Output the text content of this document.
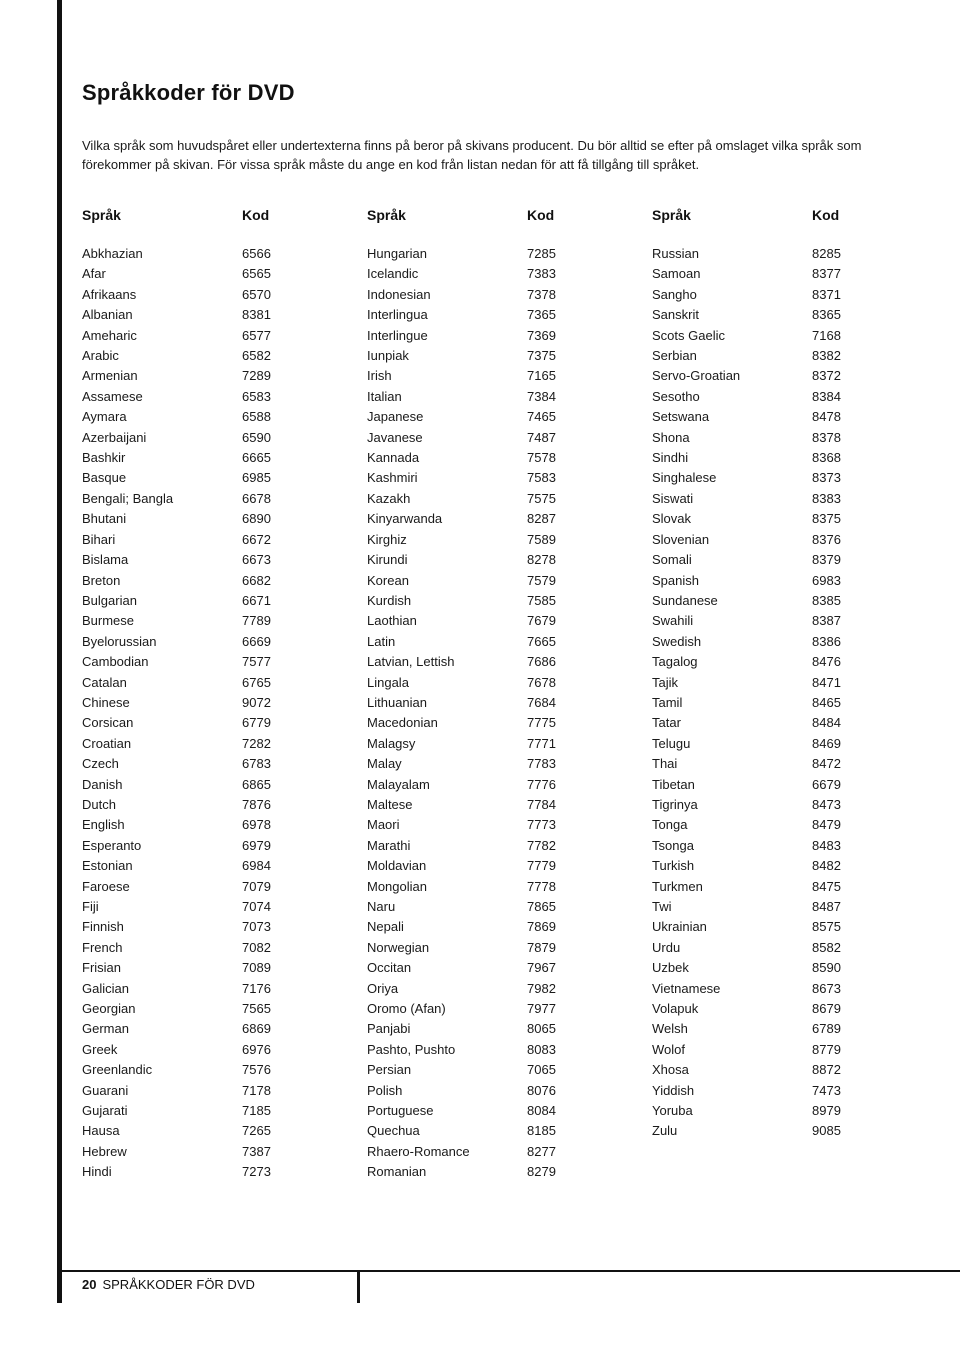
Språkkoder för DVD

Vilka språk som huvudspåret eller undertexterna finns på beror på skivans producent. Du bör alltid se efter på omslaget vilka språk som förekommer på skivan. För vissa språk måste du ange en kod från listan nedan för att få tillgång till språket.

Språk	Kod
Abkhazian	6566
Afar	6565
Afrikaans	6570
Albanian	8381
Ameharic	6577
Arabic	6582
Armenian	7289
Assamese	6583
Aymara	6588
Azerbaijani	6590
Bashkir	6665
Basque	6985
Bengali; Bangla	6678
Bhutani	6890
Bihari	6672
Bislama	6673
Breton	6682
Bulgarian	6671
Burmese	7789
Byelorussian	6669
Cambodian	7577
Catalan	6765
Chinese	9072
Corsican	6779
Croatian	7282
Czech	6783
Danish	6865
Dutch	7876
English	6978
Esperanto	6979
Estonian	6984
Faroese	7079
Fiji	7074
Finnish	7073
French	7082
Frisian	7089
Galician	7176
Georgian	7565
German	6869
Greek	6976
Greenlandic	7576
Guarani	7178
Gujarati	7185
Hausa	7265
Hebrew	7387
Hindi	7273
Språk	Kod
Hungarian	7285
Icelandic	7383
Indonesian	7378
Interlingua	7365
Interlingue	7369
Iunpiak	7375
Irish	7165
Italian	7384
Japanese	7465
Javanese	7487
Kannada	7578
Kashmiri	7583
Kazakh	7575
Kinyarwanda	8287
Kirghiz	7589
Kirundi	8278
Korean	7579
Kurdish	7585
Laothian	7679
Latin	7665
Latvian, Lettish	7686
Lingala	7678
Lithuanian	7684
Macedonian	7775
Malagsy	7771
Malay	7783
Malayalam	7776
Maltese	7784
Maori	7773
Marathi	7782
Moldavian	7779
Mongolian	7778
Naru	7865
Nepali	7869
Norwegian	7879
Occitan	7967
Oriya	7982
Oromo (Afan)	7977
Panjabi	8065
Pashto, Pushto	8083
Persian	7065
Polish	8076
Portuguese	8084
Quechua	8185
Rhaero-Romance	8277
Romanian	8279
Språk	Kod
Russian	8285
Samoan	8377
Sangho	8371
Sanskrit	8365
Scots Gaelic	7168
Serbian	8382
Servo-Groatian	8372
Sesotho	8384
Setswana	8478
Shona	8378
Sindhi	8368
Singhalese	8373
Siswati	8383
Slovak	8375
Slovenian	8376
Somali	8379
Spanish	6983
Sundanese	8385
Swahili	8387
Swedish	8386
Tagalog	8476
Tajik	8471
Tamil	8465
Tatar	8484
Telugu	8469
Thai	8472
Tibetan	6679
Tigrinya	8473
Tonga	8479
Tsonga	8483
Turkish	8482
Turkmen	8475
Twi	8487
Ukrainian	8575
Urdu	8582
Uzbek	8590
Vietnamese	8673
Volapuk	8679
Welsh	6789
Wolof	8779
Xhosa	8872
Yiddish	7473
Yoruba	8979
Zulu	9085

20 SPRÅKKODER FÖR DVD
